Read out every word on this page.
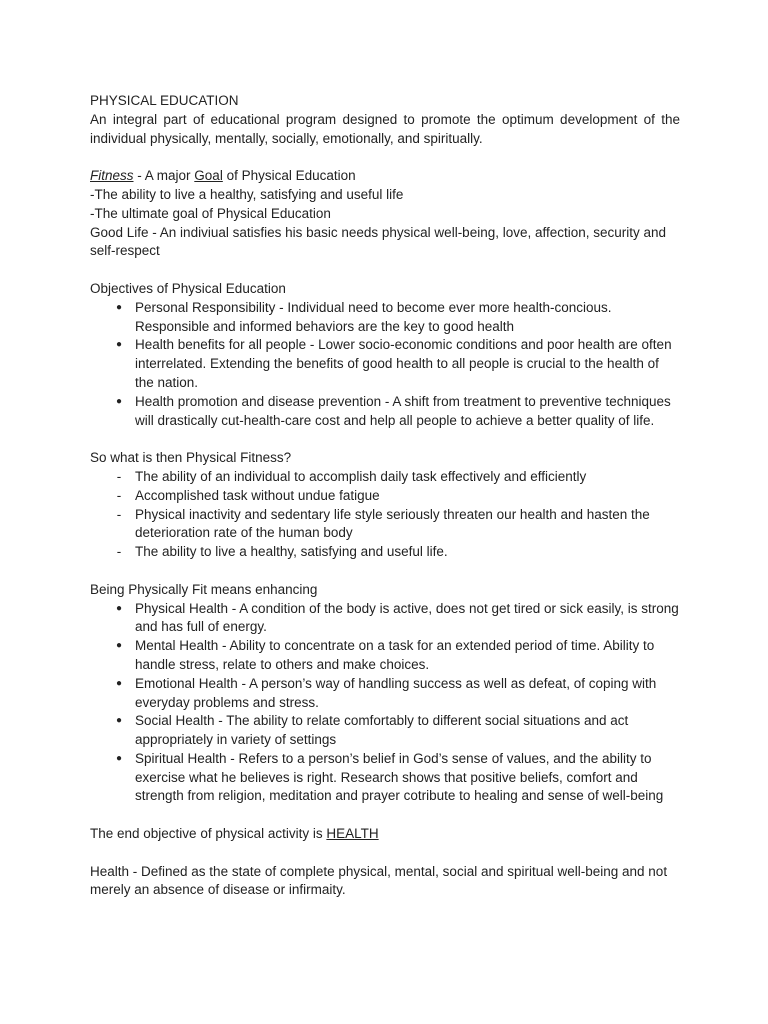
PHYSICAL EDUCATION

An integral part of educational program designed to promote the optimum development of the individual physically, mentally, socially, emotionally, and spiritually.

Fitness - A major Goal of Physical Education

-The ability to live a healthy, satisfying and useful life

-The ultimate goal of Physical Education

Good Life - An indiviual satisfies his basic needs physical well-being, love, affection, security and self-respect

Objectives of Physical Education

● Personal Responsibility - Individual need to become ever more health-concious. Responsible and informed behaviors are the key to good health
● Health benefits for all people - Lower socio-economic conditions and poor health are often interrelated. Extending the benefits of good health to all people is crucial to the health of the nation.
● Health promotion and disease prevention - A shift from treatment to preventive techniques will drastically cut-health-care cost and help all people to achieve a better quality of life.

So what is then Physical Fitness?

-	The ability of an individual to accomplish daily task effectively and efficiently
-	Accomplished task without undue fatigue
-	Physical inactivity and sedentary life style seriously threaten our health and hasten the deterioration rate of the human body
-	The ability to live a healthy, satisfying and useful life.

Being Physically Fit means enhancing

● Physical Health - A condition of the body is active, does not get tired or sick easily, is strong and has full of energy.
● Mental Health - Ability to concentrate on a task for an extended period of time. Ability to handle stress, relate to others and make choices.
● Emotional Health - A person’s way of handling success as well as defeat, of coping with everyday problems and stress.
● Social Health - The ability to relate comfortably to different social situations and act appropriately in variety of settings
● Spiritual Health - Refers to a person’s belief in God’s sense of values, and the ability to exercise what he believes is right. Research shows that positive beliefs, comfort and strength from religion, meditation and prayer cotribute to healing and sense of well-being

The end objective of physical activity is HEALTH

Health - Defined as the state of complete physical, mental, social and spiritual well-being and not merely an absence of disease or infirmaity.
